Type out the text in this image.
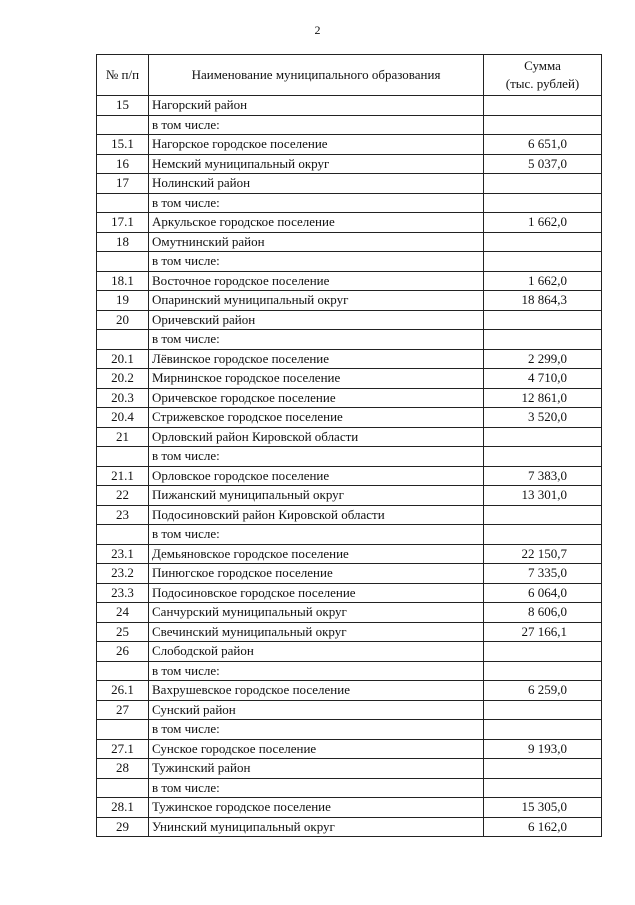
2
№ п/п	Наименование муниципального образования	Сумма
(тыс. рублей)
15	Нагорский район	
	в том числе:	
15.1	Нагорское городское поселение	6 651,0
16	Немский муниципальный округ	5 037,0
17	Нолинский район	
	в том числе:	
17.1	Аркульское городское поселение	1 662,0
18	Омутнинский район	
	в том числе:	
18.1	Восточное городское поселение	1 662,0
19	Опаринский муниципальный округ	18 864,3
20	Оричевский район	
	в том числе:	
20.1	Лёвинское городское поселение	2 299,0
20.2	Мирнинское городское поселение	4 710,0
20.3	Оричевское городское поселение	12 861,0
20.4	Стрижевское городское поселение	3 520,0
21	Орловский район Кировской области	
	в том числе:	
21.1	Орловское городское поселение	7 383,0
22	Пижанский муниципальный округ	13 301,0
23	Подосиновский район Кировской области	
	в том числе:	
23.1	Демьяновское городское поселение	22 150,7
23.2	Пинюгское городское поселение	7 335,0
23.3	Подосиновское городское поселение	6 064,0
24	Санчурский муниципальный округ	8 606,0
25	Свечинский муниципальный округ	27 166,1
26	Слободской район	
	в том числе:	
26.1	Вахрушевское городское поселение	6 259,0
27	Сунский район	
	в том числе:	
27.1	Сунское городское поселение	9 193,0
28	Тужинский район	
	в том числе:	
28.1	Тужинское городское поселение	15 305,0
29	Унинский муниципальный округ	6 162,0
